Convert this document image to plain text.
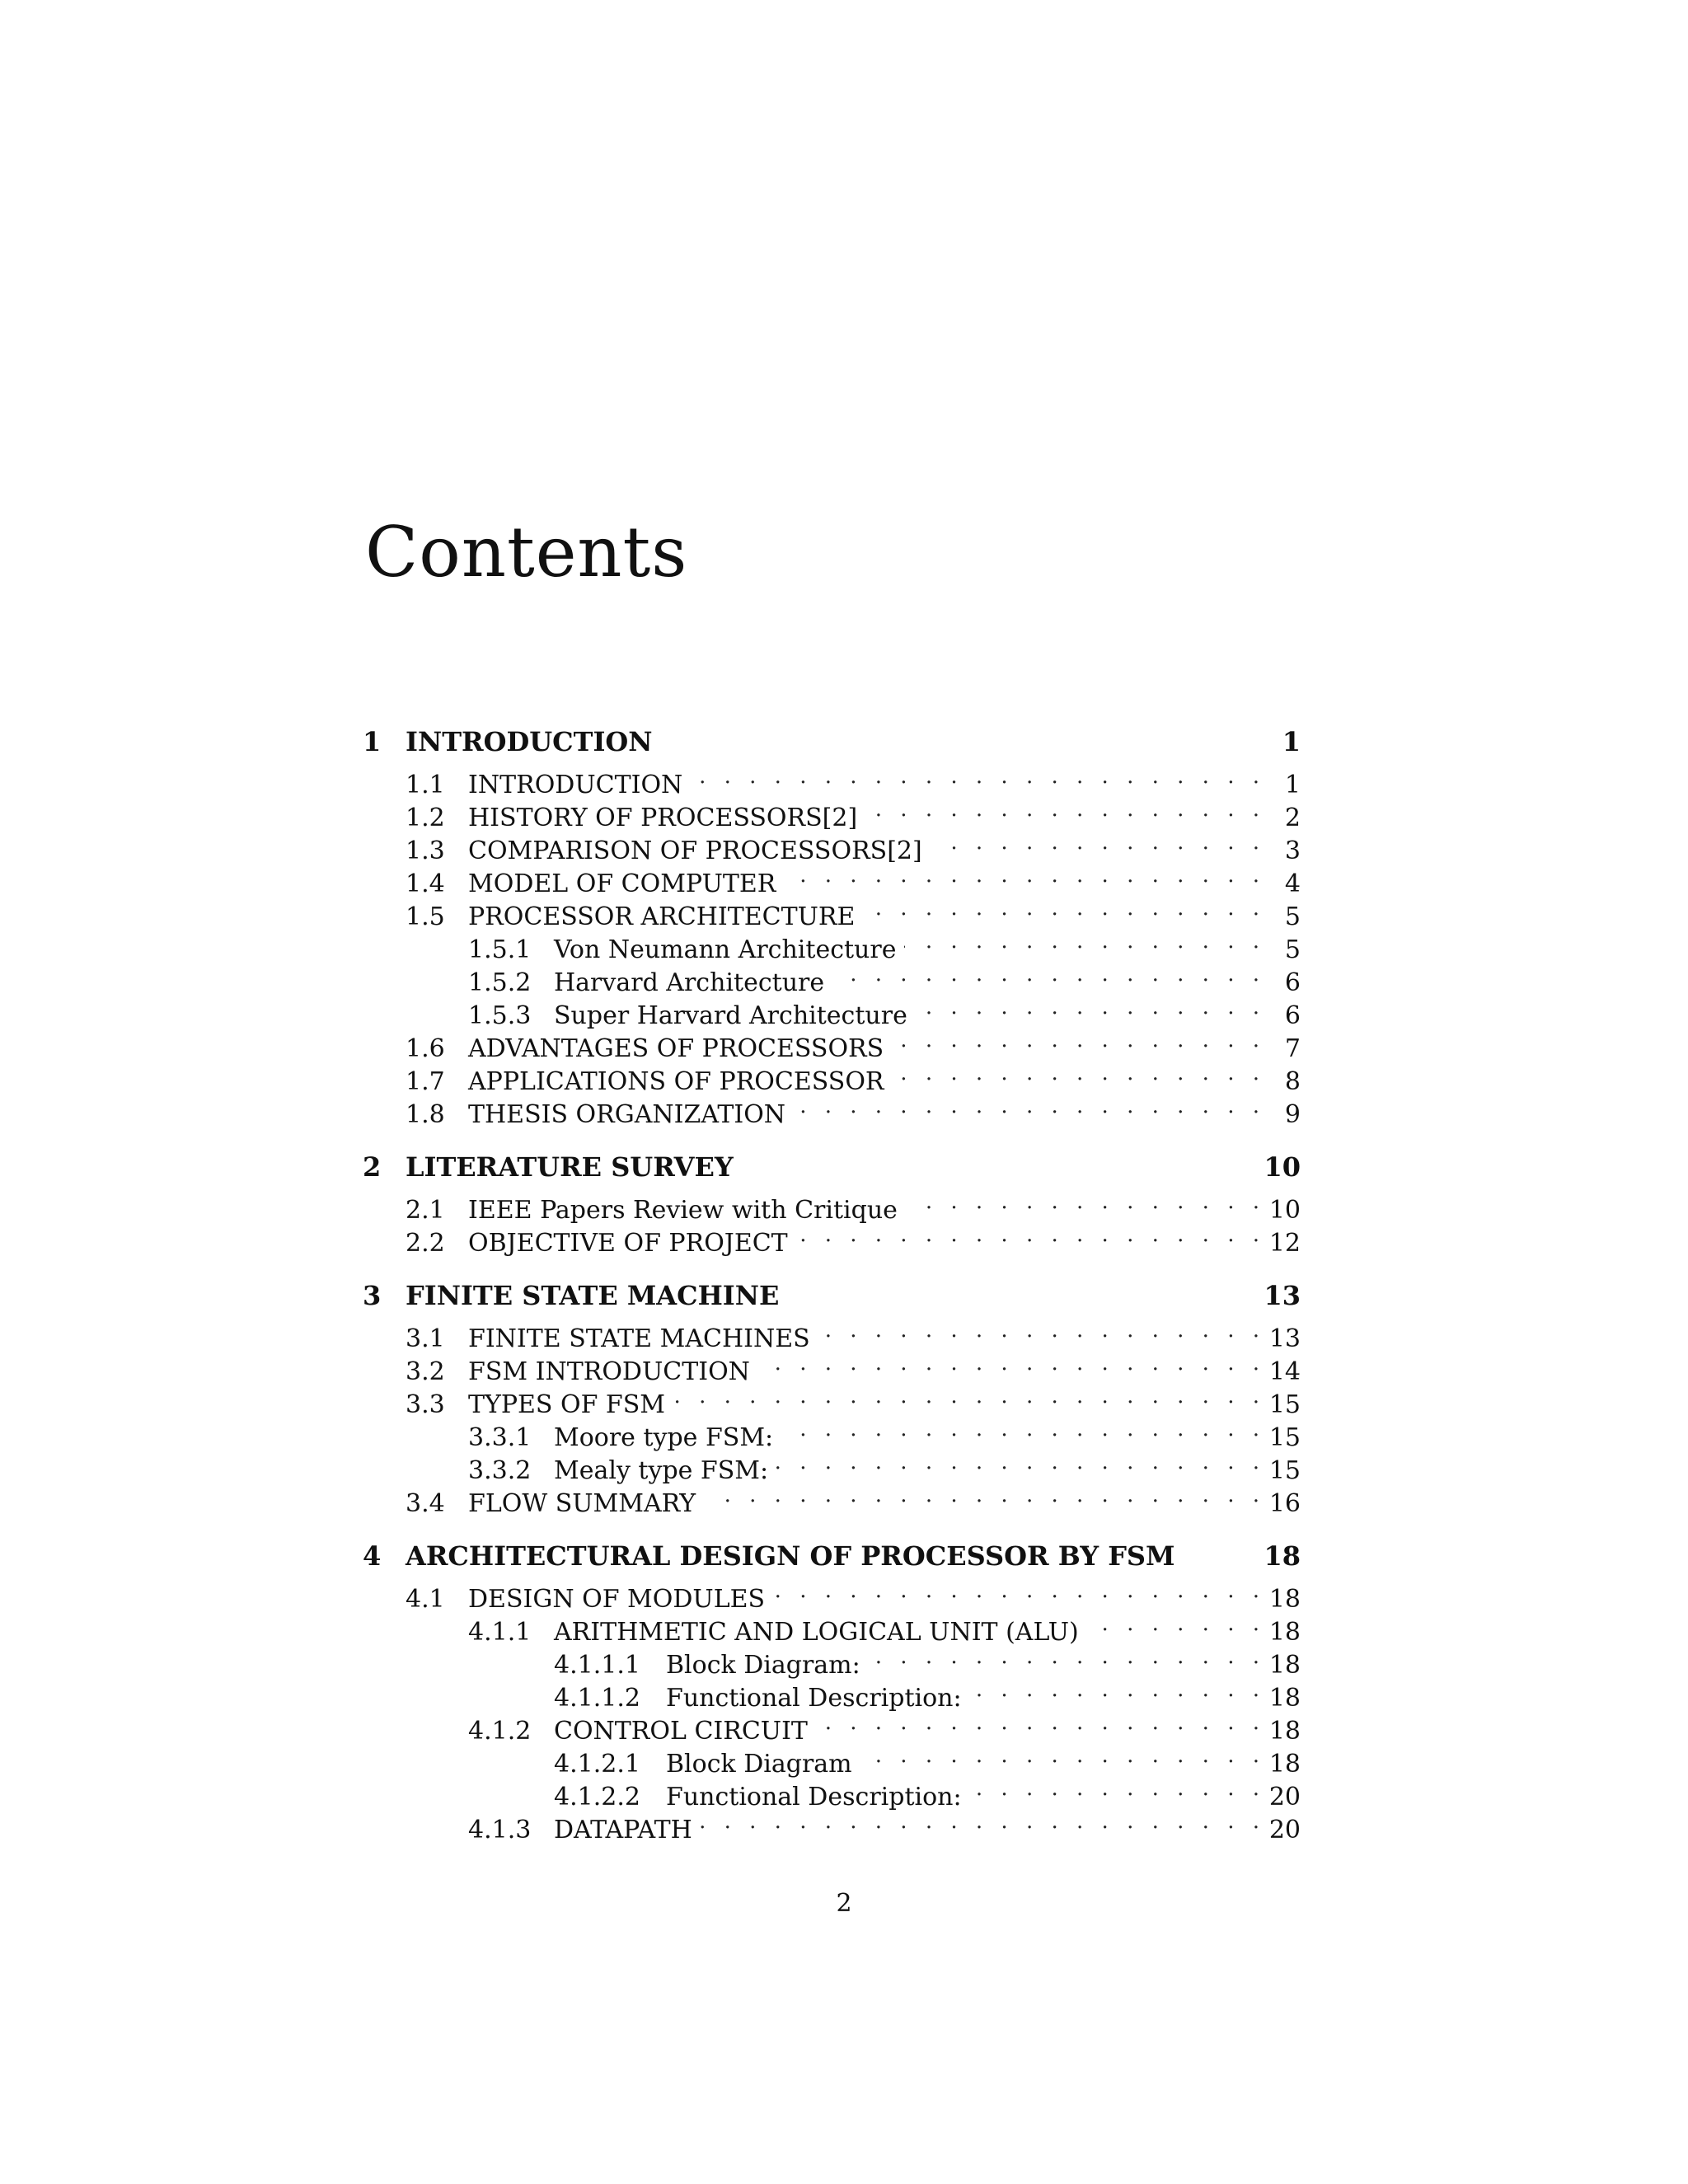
Contents
1 INTRODUCTION	1
1.1 INTRODUCTION . . .	1
1.2 HISTORY OF PROCESSORS[2] . . .	2
1.3 COMPARISON OF PROCESSORS[2] . . .	3
1.4 MODEL OF COMPUTER . . .	4
1.5 PROCESSOR ARCHITECTURE . . .	5
1.5.1 Von Neumann Architecture . . .	5
1.5.2 Harvard Architecture . . .	6
1.5.3 Super Harvard Architecture . . .	6
1.6 ADVANTAGES OF PROCESSORS . . .	7
1.7 APPLICATIONS OF PROCESSOR . . .	8
1.8 THESIS ORGANIZATION . . .	9
2 LITERATURE SURVEY	10
2.1 IEEE Papers Review with Critique . . .	10
2.2 OBJECTIVE OF PROJECT . . .	12
3 FINITE STATE MACHINE	13
3.1 FINITE STATE MACHINES . . .	13
3.2 FSM INTRODUCTION . . .	14
3.3 TYPES OF FSM . . .	15
3.3.1 Moore type FSM: . . .	15
3.3.2 Mealy type FSM: . . .	15
3.4 FLOW SUMMARY . . .	16
4 ARCHITECTURAL DESIGN OF PROCESSOR BY FSM	18
4.1 DESIGN OF MODULES . . .	18
4.1.1 ARITHMETIC AND LOGICAL UNIT (ALU) . . .	18
4.1.1.1	Block Diagram: . . .	18
4.1.1.2	Functional Description: . . .	18
4.1.2 CONTROL CIRCUIT . . .	18
4.1.2.1	Block Diagram . . .	18
4.1.2.2	Functional Description: . . .	20
4.1.3 DATAPATH . . .	20
2
